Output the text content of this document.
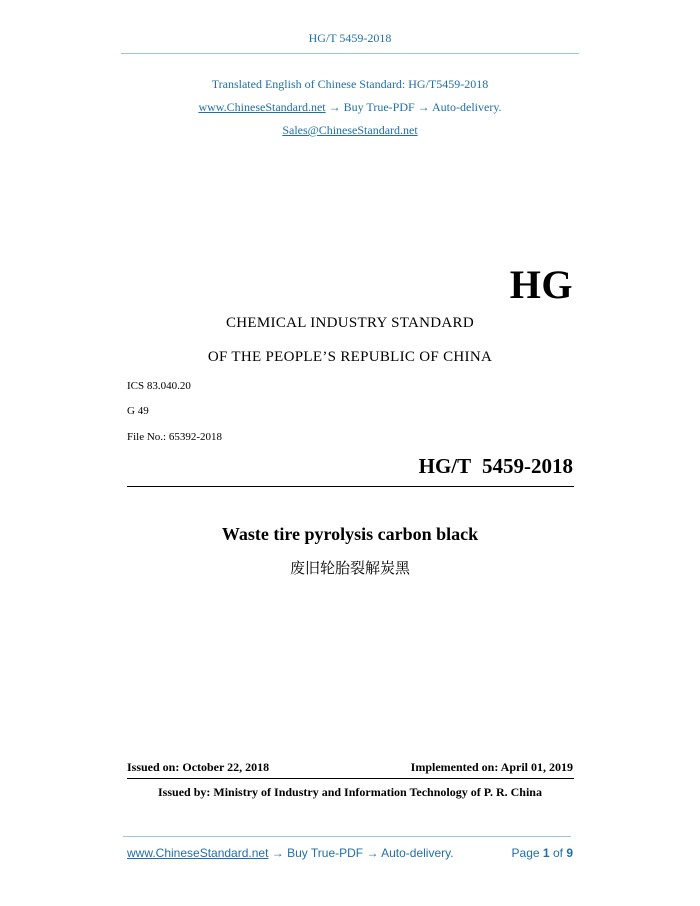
HG/T 5459-2018
Translated English of Chinese Standard: HG/T5459-2018
www.ChineseStandard.net → Buy True-PDF → Auto-delivery.
Sales@ChineseStandard.net
HG
CHEMICAL INDUSTRY STANDARD
OF THE PEOPLE’S REPUBLIC OF CHINA
ICS 83.040.20
G 49
File No.: 65392-2018
HG/T 5459-2018
Waste tire pyrolysis carbon black
废旧轮胎裂解炭黑
Issued on: October 22, 2018	Implemented on: April 01, 2019
Issued by: Ministry of Industry and Information Technology of P. R. China
www.ChineseStandard.net → Buy True-PDF → Auto-delivery.	Page 1 of 9
